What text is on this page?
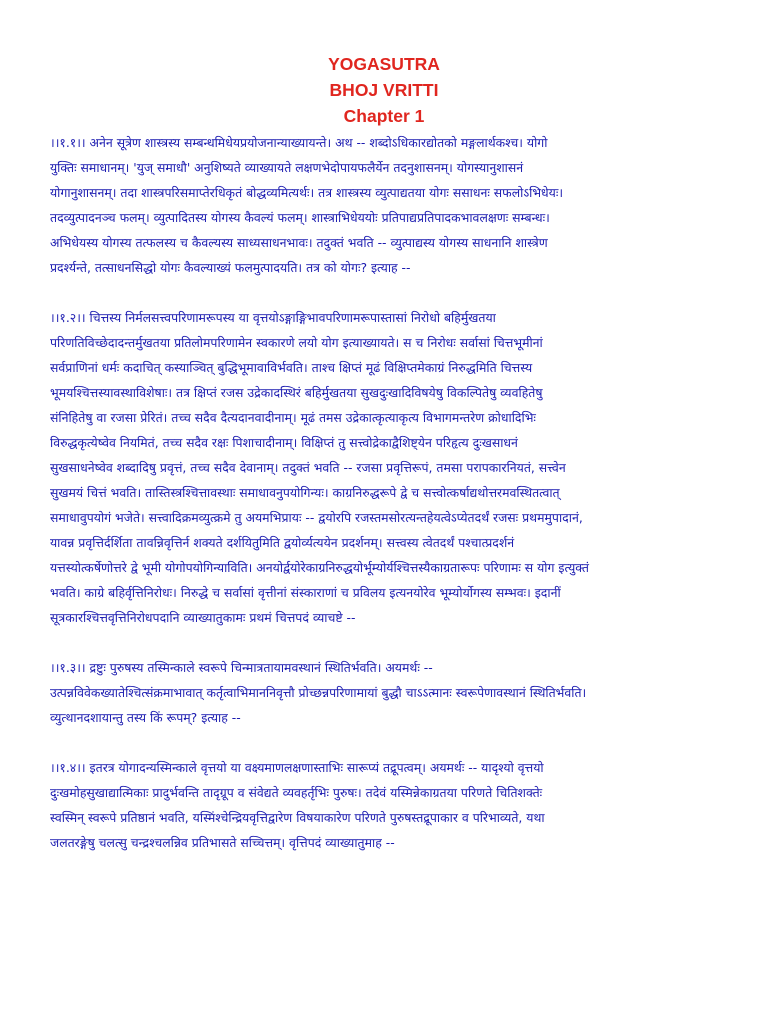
YOGASUTRA
BHOJ VRITTI
Chapter 1
।।१.१।। अनेन सूत्रेण शास्त्रस्य सम्बन्धमिधेयप्रयोजनान्याख्यायन्ते। अथ -- शब्दोऽधिकारद्योतको मङ्गलार्थकश्च। योगो
युक्तिः समाधानम्। 'युज् समाधौ' अनुशिष्यते व्याख्यायते लक्षणभेदोपायफलैर्येन तदनुशासनम्। योगस्यानुशासनं
योगानुशासनम्। तदा शास्त्रपरिसमाप्तेरधिकृतं बोद्धव्यमित्यर्थः। तत्र शास्त्रस्य व्युत्पाद्यतया योगः ससाधनः सफलोऽभिधेयः।
तदव्युत्पादनञ्च फलम्। व्युत्पादितस्य योगस्य कैवल्यं फलम्। शास्त्राभिधेययोः प्रतिपाद्यप्रतिपादकभावलक्षणः सम्बन्धः।
अभिधेयस्य योगस्य तत्फलस्य च कैवल्यस्य साध्यसाधनभावः। तदुक्तं भवति -- व्युत्पाद्यस्य योगस्य साधनानि शास्त्रेण
प्रदर्श्यन्ते, तत्साधनसिद्धो योगः कैवल्याख्यं फलमुत्पादयति। तत्र को योगः? इत्याह --
।।१.२।। चित्तस्य निर्मलसत्त्वपरिणामरूपस्य या वृत्तयोऽङ्गाङ्गिभावपरिणामरूपास्तासां निरोधो बहिर्मुखतया
परिणतिविच्छेदादन्तर्मुखतया प्रतिलोमपरिणामेन स्वकारणे लयो योग इत्याख्यायते। स च निरोधः सर्वासां चित्तभूमीनां
सर्वप्राणिनां धर्मः कदाचित् कस्याञ्चित् बुद्धिभूमावाविर्भवति। ताश्च क्षिप्तं मूढं विक्षिप्तमेकाग्रं निरुद्धमिति चित्तस्य
भूमयश्चित्तस्यावस्थाविशेषाः। तत्र क्षिप्तं रजस उद्रेकादस्थिरं बहिर्मुखतया सुखदुःखादिविषयेषु विकल्पितेषु व्यवहितेषु
संनिहितेषु वा रजसा प्रेरितं। तच्च सदैव दैत्यदानवादीनाम्। मूढं तमस उद्रेकात्कृत्याकृत्य विभागमन्तरेण क्रोधादिभिः
विरुद्धकृत्येष्वेव नियमितं, तच्च सदैव रक्षः पिशाचादीनाम्। विक्षिप्तं तु सत्त्वोद्रेकाद्वैशिष्ट्येन परिहृत्य दुःखसाधनं
सुखसाधनेष्वेव शब्दादिषु प्रवृत्तं, तच्च सदैव देवानाम्। तदुक्तं भवति -- रजसा प्रवृत्तिरूपं, तमसा परापकारनियतं, सत्त्वेन
सुखमयं चित्तं भवति। तास्तिस्त्रश्चित्तावस्थाः समाधावनुपयोगिन्यः। काग्रनिरुद्धरूपे द्वे च सत्त्वोत्कर्षाद्यथोत्तरमवस्थितत्वात्
समाधावुपयोगं भजेते। सत्त्वादिक्रमव्युत्क्रमे तु अयमभिप्रायः -- द्वयोरपि रजस्तमसोरत्यन्तहेयत्वेऽप्येतदर्थं रजसः प्रथममुपादानं,
यावन्न प्रवृत्तिर्दर्शिता तावन्निवृत्तिर्न शक्यते दर्शयितुमिति द्वयोर्व्यत्ययेन प्रदर्शनम्। सत्त्वस्य त्वेतदर्थं पश्चात्प्रदर्शनं
यत्तस्योत्कर्षेणोत्तरे द्वे भूमी योगोपयोगिन्याविति। अनयोर्द्वयोरेकाग्रनिरुद्धयोर्भूम्योर्यश्चित्तस्यैकाग्रतारूपः परिणामः स योग इत्युक्तं
भवति। काग्रे बहिर्वृत्तिनिरोधः। निरुद्धे च सर्वासां वृत्तीनां संस्काराणां च प्रविलय इत्यनयोरेव भूम्योर्योगस्य सम्भवः। इदानीं
सूत्रकारश्चित्तवृत्तिनिरोधपदानि व्याख्यातुकामः प्रथमं चित्तपदं व्याचष्टे --
।।१.३।। द्रष्टुः पुरुषस्य तस्मिन्काले स्वरूपे चिन्मात्रतायामवस्थानं स्थितिर्भवति। अयमर्थः --
उत्पन्नविवेकख्यातेश्चित्संक्रमाभावात् कर्तृत्वाभिमाननिवृत्तौ प्रोच्छन्नपरिणामायां बुद्धौ चाऽऽत्मानः स्वरूपेणावस्थानं स्थितिर्भवति।
व्युत्थानदशायान्तु तस्य किं रूपम्? इत्याह --
।।१.४।। इतरत्र योगादन्यस्मिन्काले वृत्तयो या वक्ष्यमाणलक्षणास्ताभिः सारूप्यं तद्रूपत्वम्। अयमर्थः -- यादृश्यो वृत्तयो
दुःखमोहसुखाद्यात्मिकाः प्रादुर्भवन्ति तादृग्रूप व संवेद्यते व्यवहर्तृभिः पुरुषः। तदेवं यस्मिन्नेकाग्रतया परिणते चितिशक्तेः
स्वस्मिन् स्वरूपे प्रतिष्ठानं भवति, यस्मिंश्चेन्द्रियवृत्तिद्वारेण विषयाकारेण परिणते पुरुषस्तद्रूपाकार व परिभाव्यते, यथा
जलतरङ्गेषु चलत्सु चन्द्रश्चलन्निव प्रतिभासते सच्चित्तम्। वृत्तिपदं व्याख्यातुमाह --
